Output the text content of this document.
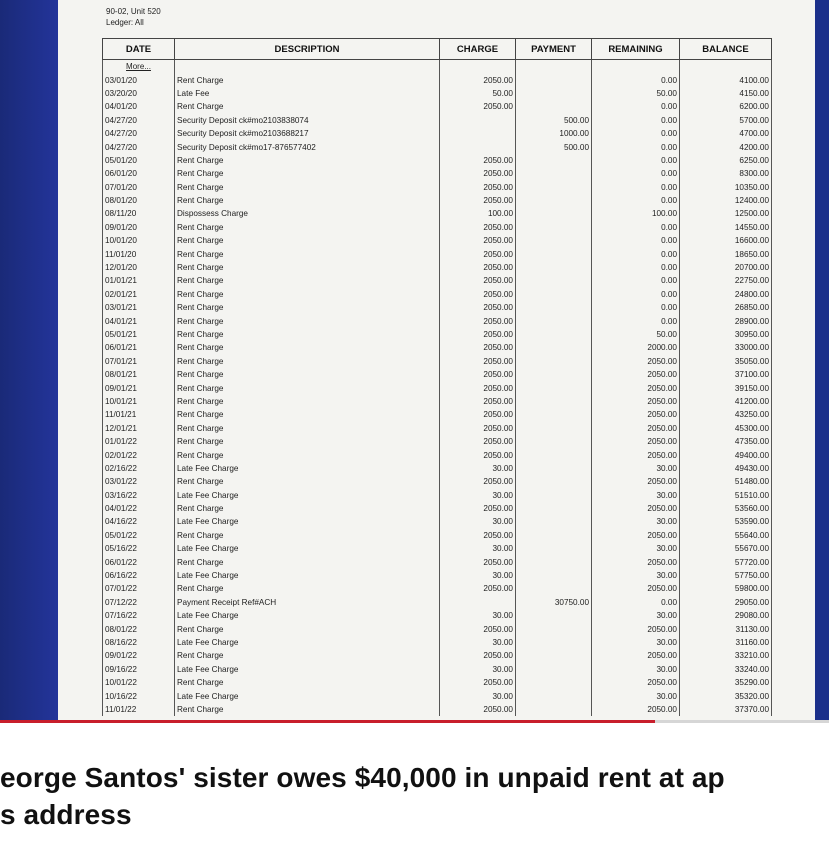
90-02, Unit 520
Ledger: All
DATE	DESCRIPTION	CHARGE	PAYMENT	REMAINING	BALANCE
More...					
03/01/20	Rent Charge	2050.00		0.00	4100.00
03/20/20	Late Fee	50.00		50.00	4150.00
04/01/20	Rent Charge	2050.00		0.00	6200.00
04/27/20	Security Deposit ck#mo2103838074		500.00	0.00	5700.00
04/27/20	Security Deposit ck#mo2103688217		1000.00	0.00	4700.00
04/27/20	Security Deposit ck#mo17-876577402		500.00	0.00	4200.00
05/01/20	Rent Charge	2050.00		0.00	6250.00
06/01/20	Rent Charge	2050.00		0.00	8300.00
07/01/20	Rent Charge	2050.00		0.00	10350.00
08/01/20	Rent Charge	2050.00		0.00	12400.00
08/11/20	Dispossess Charge	100.00		100.00	12500.00
09/01/20	Rent Charge	2050.00		0.00	14550.00
10/01/20	Rent Charge	2050.00		0.00	16600.00
11/01/20	Rent Charge	2050.00		0.00	18650.00
12/01/20	Rent Charge	2050.00		0.00	20700.00
01/01/21	Rent Charge	2050.00		0.00	22750.00
02/01/21	Rent Charge	2050.00		0.00	24800.00
03/01/21	Rent Charge	2050.00		0.00	26850.00
04/01/21	Rent Charge	2050.00		0.00	28900.00
05/01/21	Rent Charge	2050.00		50.00	30950.00
06/01/21	Rent Charge	2050.00		2000.00	33000.00
07/01/21	Rent Charge	2050.00		2050.00	35050.00
08/01/21	Rent Charge	2050.00		2050.00	37100.00
09/01/21	Rent Charge	2050.00		2050.00	39150.00
10/01/21	Rent Charge	2050.00		2050.00	41200.00
11/01/21	Rent Charge	2050.00		2050.00	43250.00
12/01/21	Rent Charge	2050.00		2050.00	45300.00
01/01/22	Rent Charge	2050.00		2050.00	47350.00
02/01/22	Rent Charge	2050.00		2050.00	49400.00
02/16/22	Late Fee Charge	30.00		30.00	49430.00
03/01/22	Rent Charge	2050.00		2050.00	51480.00
03/16/22	Late Fee Charge	30.00		30.00	51510.00
04/01/22	Rent Charge	2050.00		2050.00	53560.00
04/16/22	Late Fee Charge	30.00		30.00	53590.00
05/01/22	Rent Charge	2050.00		2050.00	55640.00
05/16/22	Late Fee Charge	30.00		30.00	55670.00
06/01/22	Rent Charge	2050.00		2050.00	57720.00
06/16/22	Late Fee Charge	30.00		30.00	57750.00
07/01/22	Rent Charge	2050.00		2050.00	59800.00
07/12/22	Payment Receipt Ref#ACH		30750.00	0.00	29050.00
07/16/22	Late Fee Charge	30.00		30.00	29080.00
08/01/22	Rent Charge	2050.00		2050.00	31130.00
08/16/22	Late Fee Charge	30.00		30.00	31160.00
09/01/22	Rent Charge	2050.00		2050.00	33210.00
09/16/22	Late Fee Charge	30.00		30.00	33240.00
10/01/22	Rent Charge	2050.00		2050.00	35290.00
10/16/22	Late Fee Charge	30.00		30.00	35320.00
11/01/22	Rent Charge	2050.00		2050.00	37370.00
eorge Santos' sister owes $40,000 in unpaid rent at ap
s address
